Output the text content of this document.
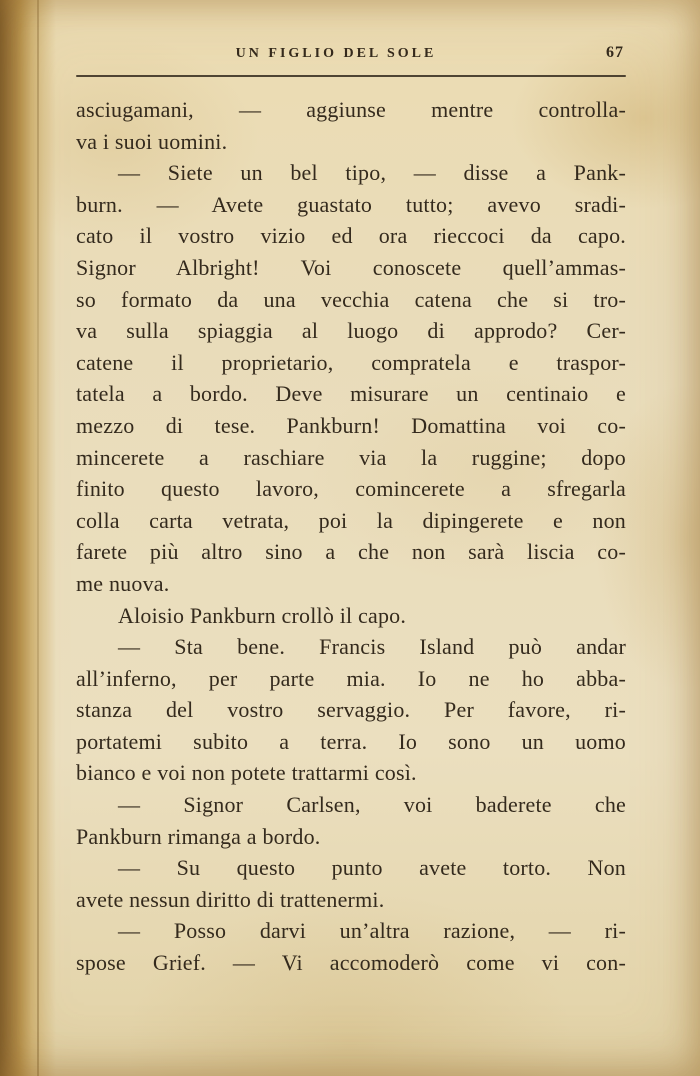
UN FIGLIO DEL SOLE	67
asciugamani, — aggiunse mentre controlla-
va i suoi uomini.
— Siete un bel tipo, — disse a Pank-
burn. — Avete guastato tutto; avevo sradi-
cato il vostro vizio ed ora rieccoci da capo.
Signor Albright! Voi conoscete quell’ammas-
so formato da una vecchia catena che si tro-
va sulla spiaggia al luogo di approdo? Cer-
catene il proprietario, compratela e traspor-
tatela a bordo. Deve misurare un centinaio e
mezzo di tese. Pankburn! Domattina voi co-
mincerete a raschiare via la ruggine; dopo
finito questo lavoro, comincerete a sfregarla
colla carta vetrata, poi la dipingerete e non
farete più altro sino a che non sarà liscia co-
me nuova.
Aloisio Pankburn crollò il capo.
— Sta bene. Francis Island può andar
all’inferno, per parte mia. Io ne ho abba-
stanza del vostro servaggio. Per favore, ri-
portatemi subito a terra. Io sono un uomo
bianco e voi non potete trattarmi così.
— Signor Carlsen, voi baderete che
Pankburn rimanga a bordo.
— Su questo punto avete torto. Non
avete nessun diritto di trattenermi.
— Posso darvi un’altra razione, — ri-
spose Grief. — Vi accomoderò come vi con-
